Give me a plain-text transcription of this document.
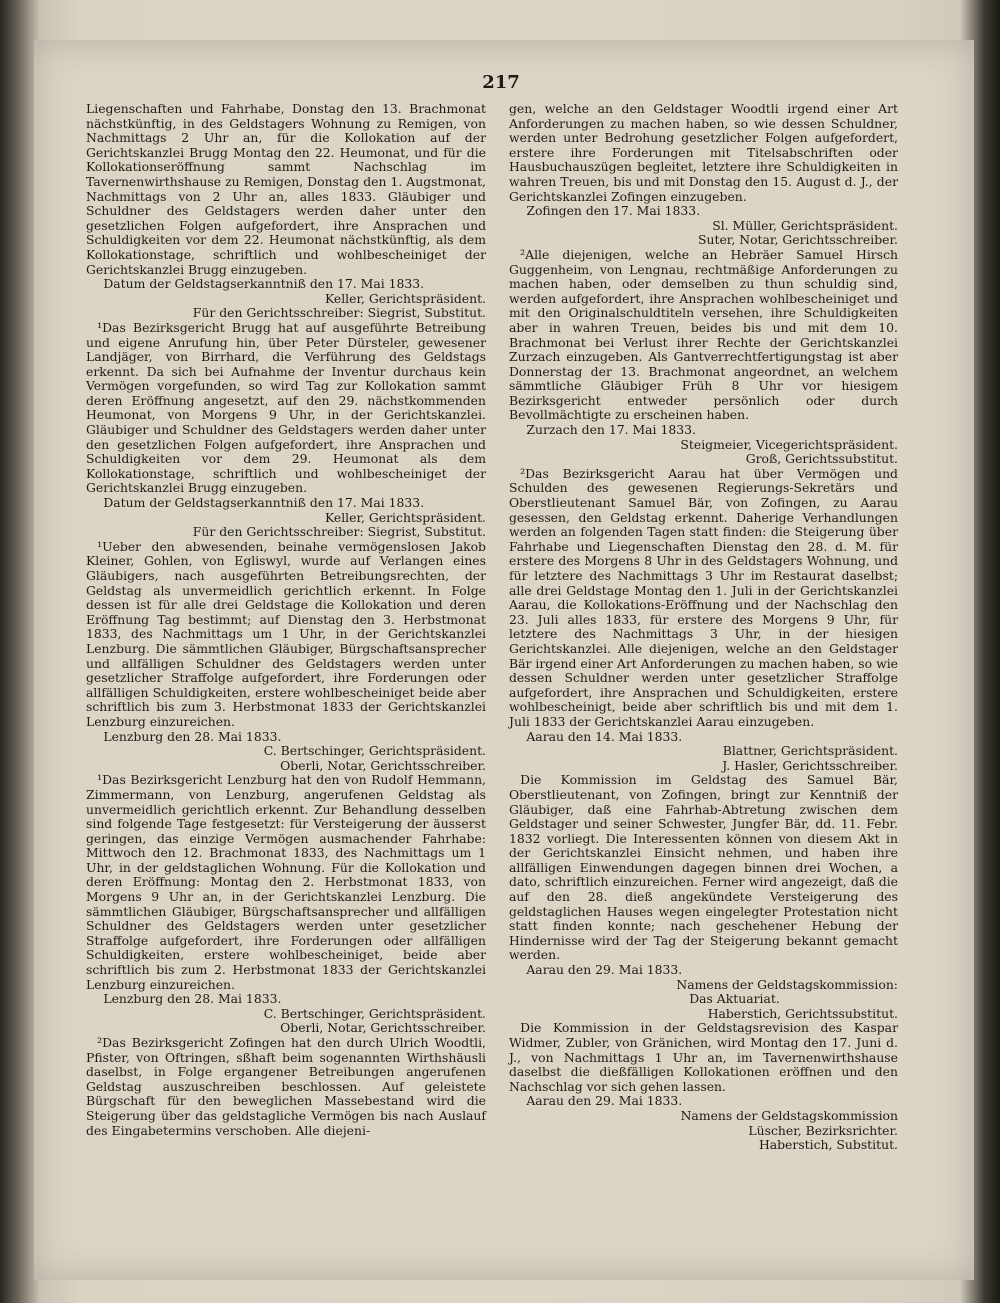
217

Liegenschaften und Fahrhabe, Donstag den 13. Brachmonat nächstkünftig, in des Geldstagers Wohnung zu Remigen, von Nachmittags 2 Uhr an, für die Kollokation auf der Gerichtskanzlei Brugg Montag den 22. Heumonat, und für die Kollokationseröffnung sammt Nachschlag im Tavernenwirthshause zu Remigen, Donstag den 1. Augstmonat, Nachmittags von 2 Uhr an, alles 1833. Gläubiger und Schuldner des Geldstagers werden daher unter den gesetzlichen Folgen aufgefordert, ihre Ansprachen und Schuldigkeiten vor dem 22. Heumonat nächstkünftig, als dem Kollokationstage, schriftlich und wohlbescheiniget der Gerichtskanzlei Brugg einzugeben.

Datum der Geldstagserkanntniß den 17. Mai 1833.
Keller, Gerichtspräsident.
Für den Gerichtsschreiber: Siegrist, Substitut.

¹Das Bezirksgericht Brugg hat auf ausgeführte Betreibung und eigene Anrufung hin, über Peter Dürsteler, gewesener Landjäger, von Birrhard, die Verführung des Geldstags erkennt. Da sich bei Aufnahme der Inventur durchaus kein Vermögen vorgefunden, so wird Tag zur Kollokation sammt deren Eröffnung angesetzt, auf den 29. nächstkommenden Heumonat, von Morgens 9 Uhr, in der Gerichtskanzlei. Gläubiger und Schuldner des Geldstagers werden daher unter den gesetzlichen Folgen aufgefordert, ihre Ansprachen und Schuldigkeiten vor dem 29. Heumonat als dem Kollokationstage, schriftlich und wohlbescheiniget der Gerichtskanzlei Brugg einzugeben.

Datum der Geldstagserkanntniß den 17. Mai 1833.
Keller, Gerichtspräsident.
Für den Gerichtsschreiber: Siegrist, Substitut.

¹Ueber den abwesenden, beinahe vermögenslosen Jakob Kleiner, Gohlen, von Egliswyl, wurde auf Verlangen eines Gläubigers, nach ausgeführten Betreibungsrechten, der Geldstag als unvermeidlich gerichtlich erkennt. In Folge dessen ist für alle drei Geldstage die Kollokation und deren Eröffnung Tag bestimmt; auf Dienstag den 3. Herbstmonat 1833, des Nachmittags um 1 Uhr, in der Gerichtskanzlei Lenzburg. Die sämmtlichen Gläubiger, Bürgschaftsansprecher und allfälligen Schuldner des Geldstagers werden unter gesetzlicher Straffolge aufgefordert, ihre Forderungen oder allfälligen Schuldigkeiten, erstere wohlbescheiniget beide aber schriftlich bis zum 3. Herbstmonat 1833 der Gerichtskanzlei Lenzburg einzureichen.

Lenzburg den 28. Mai 1833.
C. Bertschinger, Gerichtspräsident.
Oberli, Notar, Gerichtsschreiber.

¹Das Bezirksgericht Lenzburg hat den von Rudolf Hemmann, Zimmermann, von Lenzburg, angerufenen Geldstag als unvermeidlich gerichtlich erkennt. Zur Behandlung desselben sind folgende Tage festgesetzt: für Versteigerung der äusserst geringen, das einzige Vermögen ausmachender Fahrhabe: Mittwoch den 12. Brachmonat 1833, des Nachmittags um 1 Uhr, in der geldstaglichen Wohnung. Für die Kollokation und deren Eröffnung: Montag den 2. Herbstmonat 1833, von Morgens 9 Uhr an, in der Gerichtskanzlei Lenzburg. Die sämmtlichen Gläubiger, Bürgschaftsansprecher und allfälligen Schuldner des Geldstagers werden unter gesetzlicher Straffolge aufgefordert, ihre Forderungen oder allfälligen Schuldigkeiten, erstere wohlbescheiniget, beide aber schriftlich bis zum 2. Herbstmonat 1833 der Gerichtskanzlei Lenzburg einzureichen.

Lenzburg den 28. Mai 1833.
C. Bertschinger, Gerichtspräsident.
Oberli, Notar, Gerichtsschreiber.

²Das Bezirksgericht Zofingen hat den durch Ulrich Woodtli, Pfister, von Oftringen, sßhaft beim sogenannten Wirthshäusli daselbst, in Folge ergangener Betreibungen angerufenen Geldstag auszuschreiben beschlossen. Auf geleistete Bürgschaft für den beweglichen Massebestand wird die Steigerung über das geldstagliche Vermögen bis nach Auslauf des Eingabetermins verschoben. Alle diejeni-

gen, welche an den Geldstager Woodtli irgend einer Art Anforderungen zu machen haben, so wie dessen Schuldner, werden unter Bedrohung gesetzlicher Folgen aufgefordert, erstere ihre Forderungen mit Titelsabschriften oder Hausbuchauszügen begleitet, letztere ihre Schuldigkeiten in wahren Treuen, bis und mit Donstag den 15. August d. J., der Gerichtskanzlei Zofingen einzugeben.

Zofingen den 17. Mai 1833.
Sl. Müller, Gerichtspräsident.
Suter, Notar, Gerichtsschreiber.

²Alle diejenigen, welche an Hebräer Samuel Hirsch Guggenheim, von Lengnau, rechtmäßige Anforderungen zu machen haben, oder demselben zu thun schuldig sind, werden aufgefordert, ihre Ansprachen wohlbescheiniget und mit den Originalschuldtiteln versehen, ihre Schuldigkeiten aber in wahren Treuen, beides bis und mit dem 10. Brachmonat bei Verlust ihrer Rechte der Gerichtskanzlei Zurzach einzugeben. Als Gantverrechtfertigungstag ist aber Donnerstag der 13. Brachmonat angeordnet, an welchem sämmtliche Gläubiger Früh 8 Uhr vor hiesigem Bezirksgericht entweder persönlich oder durch Bevollmächtigte zu erscheinen haben.

Zurzach den 17. Mai 1833.
Steigmeier, Vicegerichtspräsident.
Groß, Gerichtssubstitut.

²Das Bezirksgericht Aarau hat über Vermögen und Schulden des gewesenen Regierungs-Sekretärs und Oberstlieutenant Samuel Bär, von Zofingen, zu Aarau gesessen, den Geldstag erkennt. Daherige Verhandlungen werden an folgenden Tagen statt finden: die Steigerung über Fahrhabe und Liegenschaften Dienstag den 28. d. M. für erstere des Morgens 8 Uhr in des Geldstagers Wohnung, und für letztere des Nachmittags 3 Uhr im Restaurat daselbst; alle drei Geldstage Montag den 1. Juli in der Gerichtskanzlei Aarau, die Kollokations-Eröffnung und der Nachschlag den 23. Juli alles 1833, für erstere des Morgens 9 Uhr, für letztere des Nachmittags 3 Uhr, in der hiesigen Gerichtskanzlei. Alle diejenigen, welche an den Geldstager Bär irgend einer Art Anforderungen zu machen haben, so wie dessen Schuldner werden unter gesetzlicher Straffolge aufgefordert, ihre Ansprachen und Schuldigkeiten, erstere wohlbescheinigt, beide aber schriftlich bis und mit dem 1. Juli 1833 der Gerichtskanzlei Aarau einzugeben.

Aarau den 14. Mai 1833.
Blattner, Gerichtspräsident.
J. Hasler, Gerichtsschreiber.

Die Kommission im Geldstag des Samuel Bär, Oberstlieutenant, von Zofingen, bringt zur Kenntniß der Gläubiger, daß eine Fahrhab-Abtretung zwischen dem Geldstager und seiner Schwester, Jungfer Bär, dd. 11. Febr. 1832 vorliegt. Die Interessenten können von diesem Akt in der Gerichtskanzlei Einsicht nehmen, und haben ihre allfälligen Einwendungen dagegen binnen drei Wochen, a dato, schriftlich einzureichen. Ferner wird angezeigt, daß die auf den 28. dieß angekündete Versteigerung des geldstaglichen Hauses wegen eingelegter Protestation nicht statt finden konnte; nach geschehener Hebung der Hindernisse wird der Tag der Steigerung bekannt gemacht werden.

Aarau den 29. Mai 1833.
Namens der Geldstagskommission:
Das Aktuariat.
Haberstich, Gerichtssubstitut.

Die Kommission in der Geldstagsrevision des Kaspar Widmer, Zubler, von Gränichen, wird Montag den 17. Juni d. J., von Nachmittags 1 Uhr an, im Tavernenwirthshause daselbst die dießfälligen Kollokationen eröffnen und den Nachschlag vor sich gehen lassen.

Aarau den 29. Mai 1833.
Namens der Geldstagskommission
Lüscher, Bezirksrichter.
Haberstich, Substitut.
